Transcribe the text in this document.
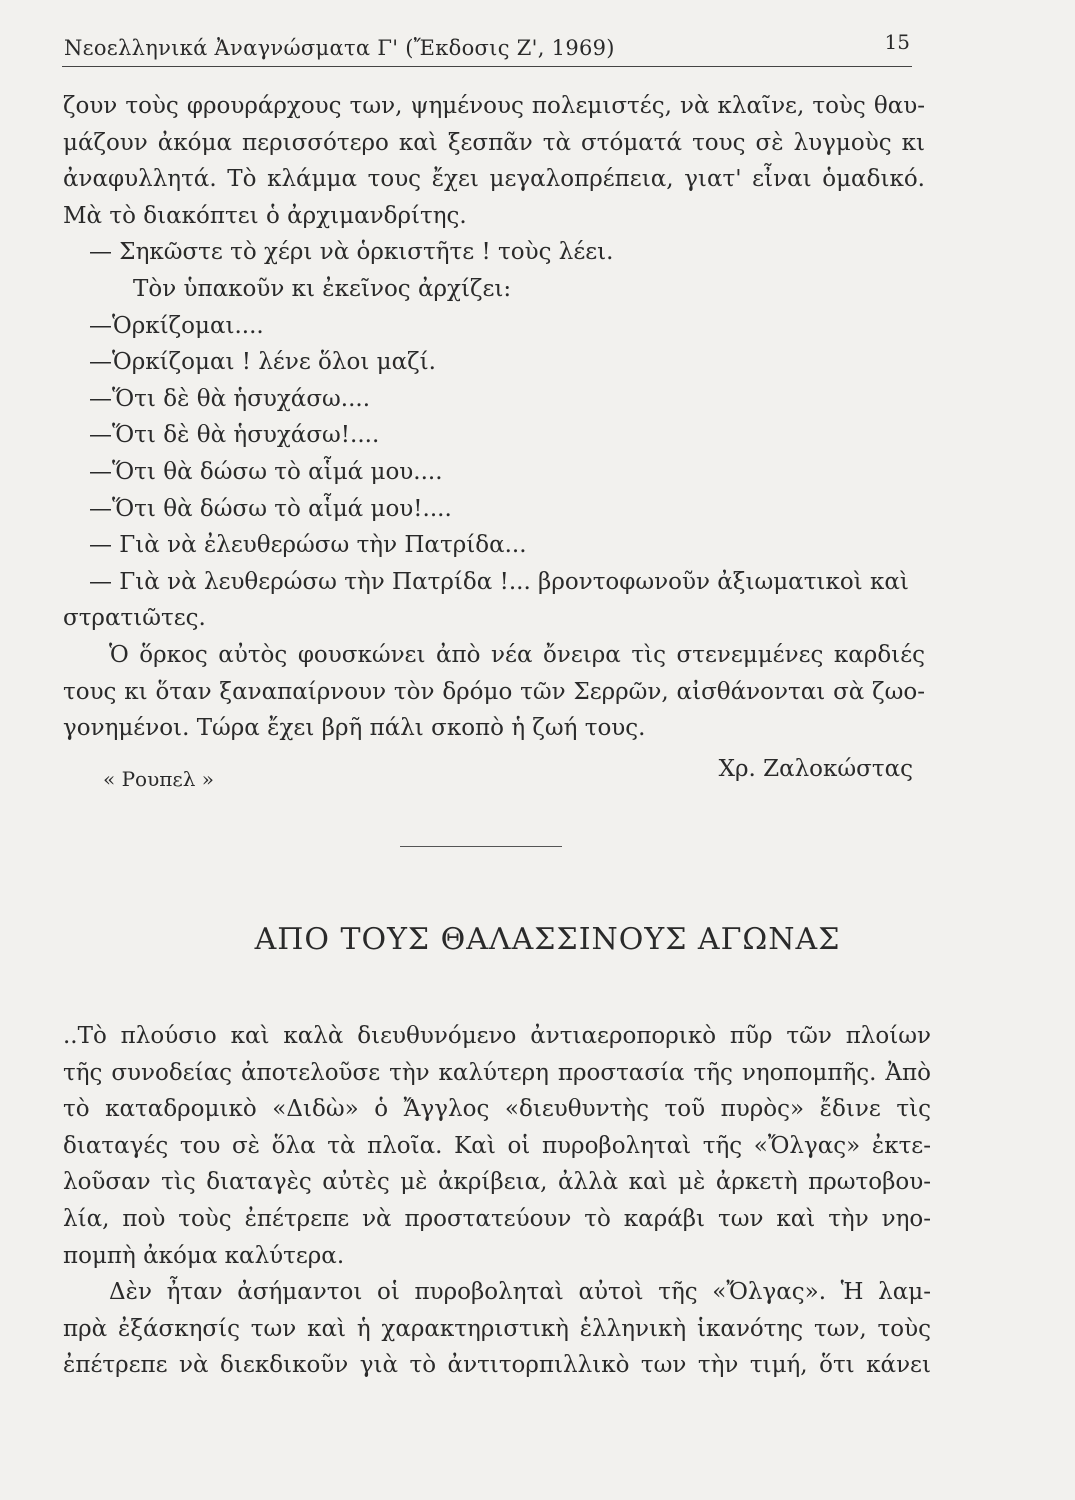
Νεοελληνικά Ἀναγνώσματα Γ' (Ἔκδοσις Ζ', 1969)	15
ζουν τοὺς φρουράρχους των, ψημένους πολεμιστές, νὰ κλαῖνε, τοὺς θαυ-
μάζουν ἀκόμα περισσότερο καὶ ξεσπᾶν τὰ στόματά τους σὲ λυγμοὺς κι
ἀναφυλλητά. Τὸ κλάμμα τους ἔχει μεγαλοπρέπεια, γιατ' εἶναι ὁμαδικό.
Μὰ τὸ διακόπτει ὁ ἀρχιμανδρίτης.
— Σηκῶστε τὸ χέρι νὰ ὁρκιστῆτε ! τοὺς λέει.
Τὸν ὑπακοῦν κι ἐκεῖνος ἀρχίζει:
—Ὁρκίζομαι....
—Ὁρκίζομαι ! λένε ὅλοι μαζί.
—Ὅτι δὲ θὰ ἡσυχάσω....
—Ὅτι δὲ θὰ ἡσυχάσω!....
—Ὅτι θὰ δώσω τὸ αἷμά μου....
—Ὅτι θὰ δώσω τὸ αἷμά μου!....
— Γιὰ νὰ ἐλευθερώσω τὴν Πατρίδα...
— Γιὰ νὰ λευθερώσω τὴν Πατρίδα !... βροντοφωνοῦν ἀξιωματικοὶ καὶ
στρατιῶτες.
Ὁ ὅρκος αὐτὸς φουσκώνει ἀπὸ νέα ὄνειρα τὶς στενεμμένες καρδιές
τους κι ὅταν ξαναπαίρνουν τὸν δρόμο τῶν Σερρῶν, αἰσθάνονται σὰ ζωο-
γονημένοι. Τώρα ἔχει βρῆ πάλι σκοπὸ ἡ ζωή τους.
« Ρουπελ »	Χρ. Ζαλοκώστας
ΑΠΟ ΤΟΥΣ ΘΑΛΑΣΣΙΝΟΥΣ ΑΓΩΝΑΣ
..Τὸ πλούσιο καὶ καλὰ διευθυνόμενο ἀντιαεροπορικὸ πῦρ τῶν πλοίων
τῆς συνοδείας ἀποτελοῦσε τὴν καλύτερη προστασία τῆς νηοπομπῆς. Ἀπὸ
τὸ καταδρομικὸ «Διδὼ» ὁ Ἄγγλος «διευθυντὴς τοῦ πυρὸς» ἔδινε τὶς
διαταγές του σὲ ὅλα τὰ πλοῖα. Καὶ οἱ πυροβοληταὶ τῆς «Ὄλγας» ἐκτε-
λοῦσαν τὶς διαταγὲς αὐτὲς μὲ ἀκρίβεια, ἀλλὰ καὶ μὲ ἀρκετὴ πρωτοβου-
λία, ποὺ τοὺς ἐπέτρεπε νὰ προστατεύουν τὸ καράβι των καὶ τὴν νηο-
πομπὴ ἀκόμα καλύτερα.
Δὲν ἦταν ἀσήμαντοι οἱ πυροβοληταὶ αὐτοὶ τῆς «Ὄλγας». Ἡ λαμ-
πρὰ ἐξάσκησίς των καὶ ἡ χαρακτηριστικὴ ἑλληνικὴ ἱκανότης των, τοὺς
ἐπέτρεπε νὰ διεκδικοῦν γιὰ τὸ ἀντιτορπιλλικὸ των τὴν τιμή, ὅτι κάνει
